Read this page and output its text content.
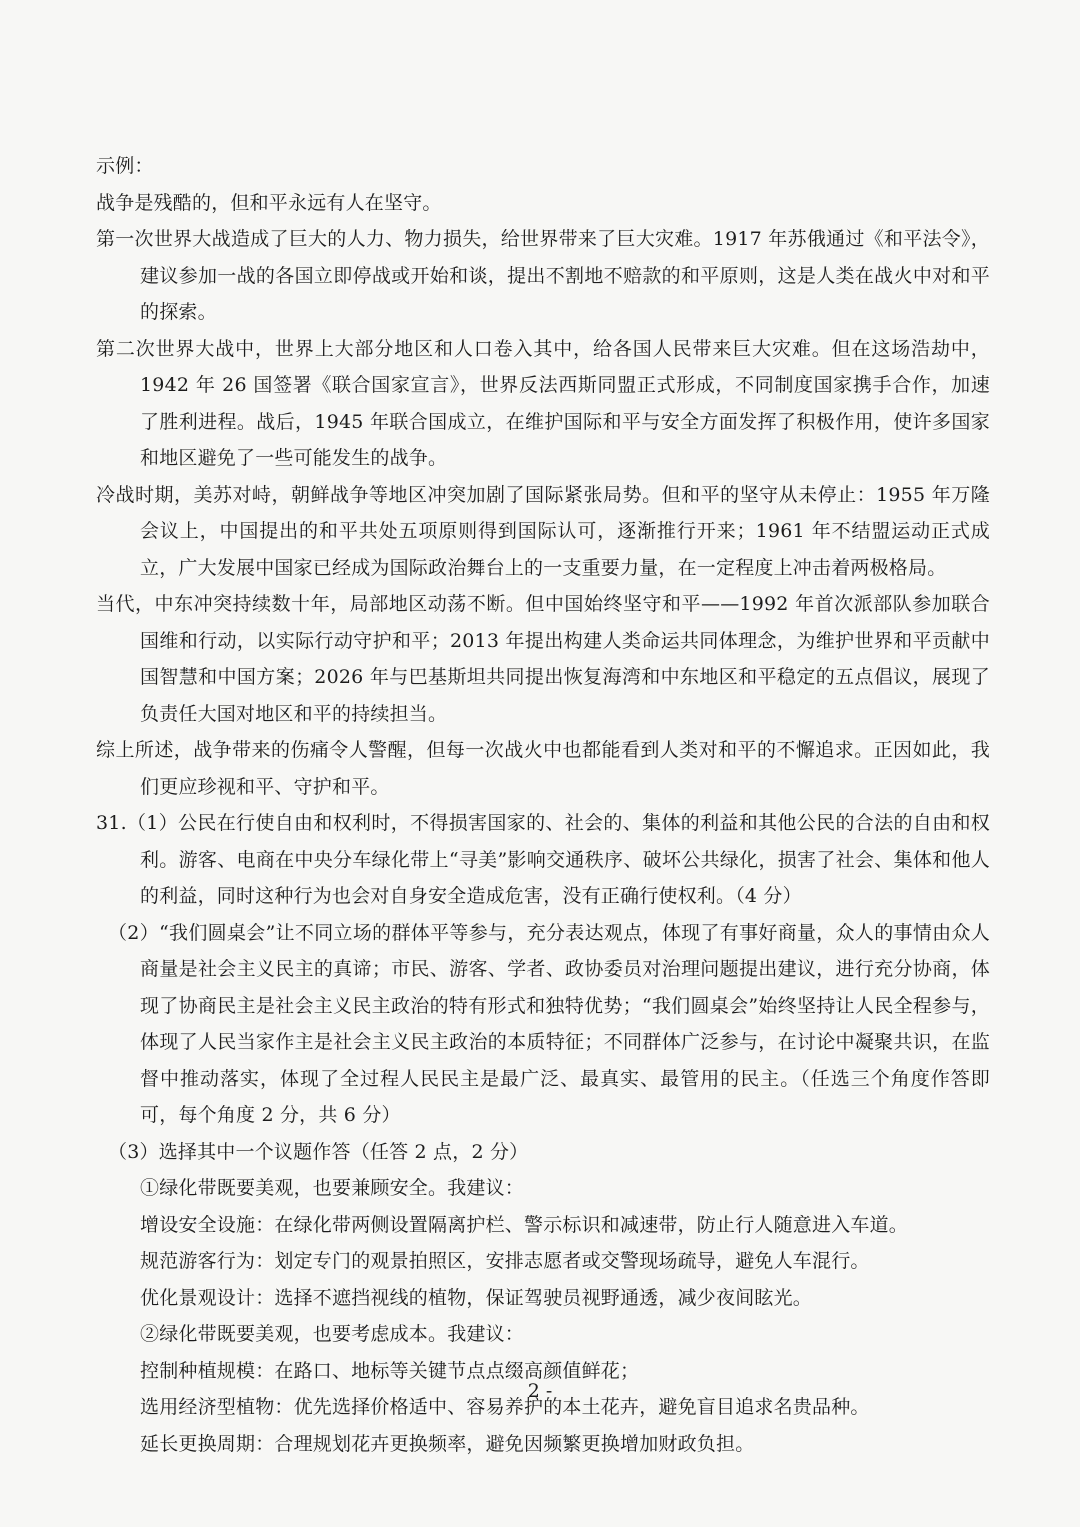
示例：

战争是残酷的，但和平永远有人在坚守。

第一次世界大战造成了巨大的人力、物力损失，给世界带来了巨大灾难。1917 年苏俄通过《和平法令》，建议参加一战的各国立即停战或开始和谈，提出不割地不赔款的和平原则，这是人类在战火中对和平的探索。

第二次世界大战中，世界上大部分地区和人口卷入其中，给各国人民带来巨大灾难。但在这场浩劫中，1942 年 26 国签署《联合国家宣言》，世界反法西斯同盟正式形成，不同制度国家携手合作，加速了胜利进程。战后，1945 年联合国成立，在维护国际和平与安全方面发挥了积极作用，使许多国家和地区避免了一些可能发生的战争。

冷战时期，美苏对峙，朝鲜战争等地区冲突加剧了国际紧张局势。但和平的坚守从未停止：1955 年万隆会议上，中国提出的和平共处五项原则得到国际认可，逐渐推行开来；1961 年不结盟运动正式成立，广大发展中国家已经成为国际政治舞台上的一支重要力量，在一定程度上冲击着两极格局。

当代，中东冲突持续数十年，局部地区动荡不断。但中国始终坚守和平——1992 年首次派部队参加联合国维和行动，以实际行动守护和平；2013 年提出构建人类命运共同体理念，为维护世界和平贡献中国智慧和中国方案；2026 年与巴基斯坦共同提出恢复海湾和中东地区和平稳定的五点倡议，展现了负责任大国对地区和平的持续担当。

综上所述，战争带来的伤痛令人警醒，但每一次战火中也都能看到人类对和平的不懈追求。正因如此，我们更应珍视和平、守护和平。

31.（1）公民在行使自由和权利时，不得损害国家的、社会的、集体的利益和其他公民的合法的自由和权利。游客、电商在中央分车绿化带上“寻美”影响交通秩序、破坏公共绿化，损害了社会、集体和他人的利益，同时这种行为也会对自身安全造成危害，没有正确行使权利。（4 分）

（2）“我们圆桌会”让不同立场的群体平等参与，充分表达观点，体现了有事好商量，众人的事情由众人商量是社会主义民主的真谛；市民、游客、学者、政协委员对治理问题提出建议，进行充分协商，体现了协商民主是社会主义民主政治的特有形式和独特优势；“我们圆桌会”始终坚持让人民全程参与，体现了人民当家作主是社会主义民主政治的本质特征；不同群体广泛参与，在讨论中凝聚共识，在监督中推动落实，体现了全过程人民民主是最广泛、最真实、最管用的民主。（任选三个角度作答即可，每个角度 2 分，共 6 分）

（3）选择其中一个议题作答（任答 2 点，2 分）

①绿化带既要美观，也要兼顾安全。我建议：

增设安全设施：在绿化带两侧设置隔离护栏、警示标识和减速带，防止行人随意进入车道。

规范游客行为：划定专门的观景拍照区，安排志愿者或交警现场疏导，避免人车混行。

优化景观设计：选择不遮挡视线的植物，保证驾驶员视野通透，减少夜间眩光。

②绿化带既要美观，也要考虑成本。我建议：

控制种植规模：在路口、地标等关键节点点缀高颜值鲜花；

选用经济型植物：优先选择价格适中、容易养护的本土花卉，避免盲目追求名贵品种。

延长更换周期：合理规划花卉更换频率，避免因频繁更换增加财政负担。

2 -
